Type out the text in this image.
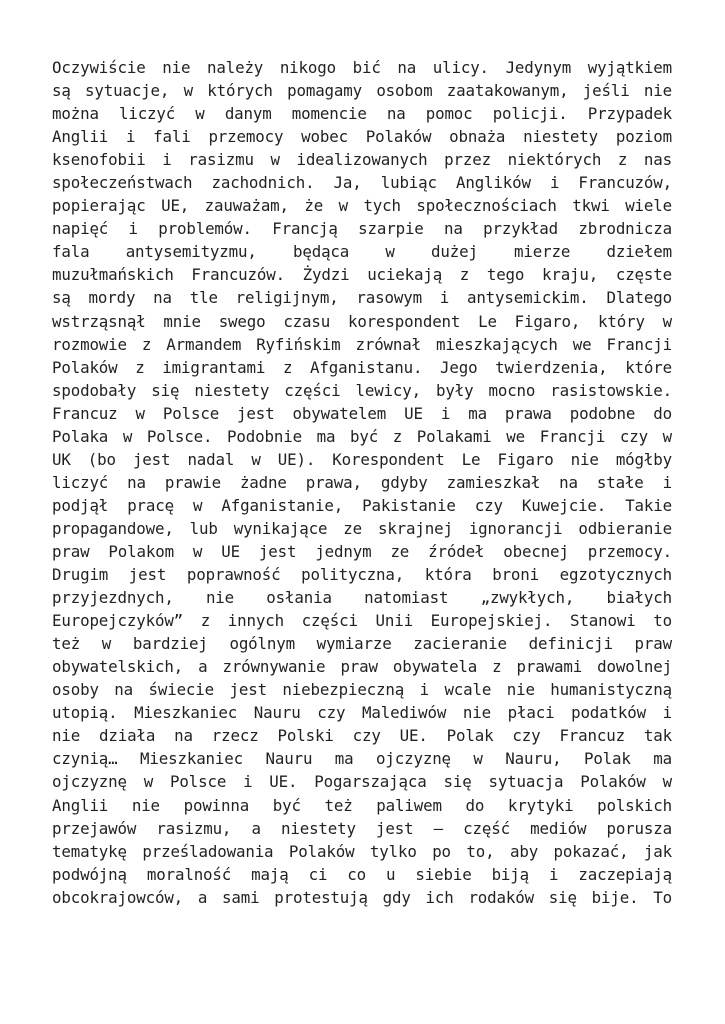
Oczywiście nie należy nikogo bić na ulicy. Jedynym wyjątkiem
są sytuacje, w których pomagamy osobom zaatakowanym, jeśli nie
można liczyć w danym momencie na pomoc policji. Przypadek
Anglii i fali przemocy wobec Polaków obnaża niestety poziom
ksenofobii i rasizmu w idealizowanych przez niektórych z nas
społeczeństwach zachodnich. Ja, lubiąc Anglików i Francuzów,
popierając UE, zauważam, że w tych społecznościach tkwi wiele
napięć i problemów. Francją szarpie na przykład zbrodnicza
fala antysemityzmu, będąca w dużej mierze dziełem
muzułmańskich Francuzów. Żydzi uciekają z tego kraju, częste
są mordy na tle religijnym, rasowym i antysemickim. Dlatego
wstrząsnął mnie swego czasu korespondent Le Figaro, który w
rozmowie z Armandem Ryfińskim zrównał mieszkających we Francji
Polaków z imigrantami z Afganistanu. Jego twierdzenia, które
spodobały się niestety części lewicy, były mocno rasistowskie.
Francuz w Polsce jest obywatelem UE i ma prawa podobne do
Polaka w Polsce. Podobnie ma być z Polakami we Francji czy w
UK (bo jest nadal w UE). Korespondent Le Figaro nie mógłby
liczyć na prawie żadne prawa, gdyby zamieszkał na stałe i
podjął pracę w Afganistanie, Pakistanie czy Kuwejcie. Takie
propagandowe, lub wynikające ze skrajnej ignorancji odbieranie
praw Polakom w UE jest jednym ze źródeł obecnej przemocy.
Drugim jest poprawność polityczna, która broni egzotycznych
przyjezdnych, nie osłania natomiast „zwykłych, białych
Europejczyków” z innych części Unii Europejskiej. Stanowi to
też w bardziej ogólnym wymiarze zacieranie definicji praw
obywatelskich, a zrównywanie praw obywatela z prawami dowolnej
osoby na świecie jest niebezpieczną i wcale nie humanistyczną
utopią. Mieszkaniec Nauru czy Malediwów nie płaci podatków i
nie działa na rzecz Polski czy UE. Polak czy Francuz tak
czynią… Mieszkaniec Nauru ma ojczyznę w Nauru, Polak ma
ojczyznę w Polsce i UE. Pogarszająca się sytuacja Polaków w
Anglii nie powinna być też paliwem do krytyki polskich
przejawów rasizmu, a niestety jest – część mediów porusza
tematykę prześladowania Polaków tylko po to, aby pokazać, jak
podwójną moralność mają ci co u siebie biją i zaczepiają
obcokrajowców, a sami protestują gdy ich rodaków się bije. To
